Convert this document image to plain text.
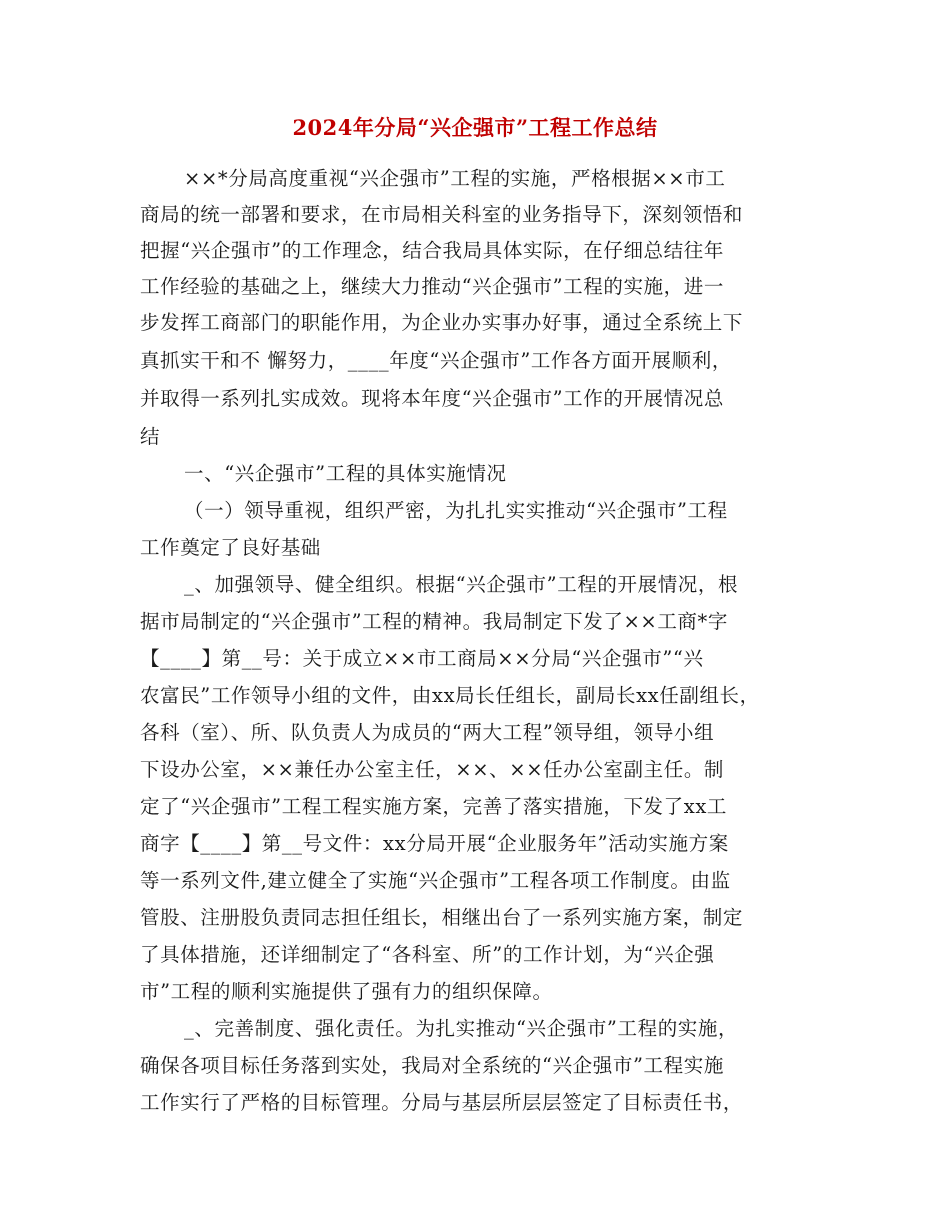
2024年分局“兴企强市”工程工作总结
××*分局高度重视“兴企强市”工程的实施，严格根据××市工
商局的统一部署和要求，在市局相关科室的业务指导下，深刻领悟和
把握“兴企强市”的工作理念，结合我局具体实际，在仔细总结往年
工作经验的基础之上，继续大力推动“兴企强市”工程的实施，进一
步发挥工商部门的职能作用，为企业办实事办好事，通过全系统上下
真抓实干和不 懈努力，____年度“兴企强市”工作各方面开展顺利，
并取得一系列扎实成效。现将本年度“兴企强市”工作的开展情况总
结
一、“兴企强市”工程的具体实施情况
（一）领导重视，组织严密，为扎扎实实推动“兴企强市”工程
工作奠定了良好基础
_、加强领导、健全组织。根据“兴企强市”工程的开展情况，根
据市局制定的“兴企强市”工程的精神。我局制定下发了××工商*字
【____】第__号：关于成立××市工商局××分局“兴企强市”“兴
农富民”工作领导小组的文件，由xx局长任组长，副局长xx任副组长，
各科（室）、所、队负责人为成员的“两大工程”领导组，领导小组
下设办公室，××兼任办公室主任，××、××任办公室副主任。制
定了“兴企强市”工程工程实施方案，完善了落实措施，下发了xx工
商字【____】第__号文件：xx分局开展“企业服务年”活动实施方案
等一系列文件,建立健全了实施“兴企强市”工程各项工作制度。由监
管股、注册股负责同志担任组长，相继出台了一系列实施方案，制定
了具体措施，还详细制定了“各科室、所”的工作计划，为“兴企强
市”工程的顺利实施提供了强有力的组织保障。
_、完善制度、强化责任。为扎实推动“兴企强市”工程的实施，
确保各项目标任务落到实处，我局对全系统的“兴企强市”工程实施
工作实行了严格的目标管理。分局与基层所层层签定了目标责任书，
